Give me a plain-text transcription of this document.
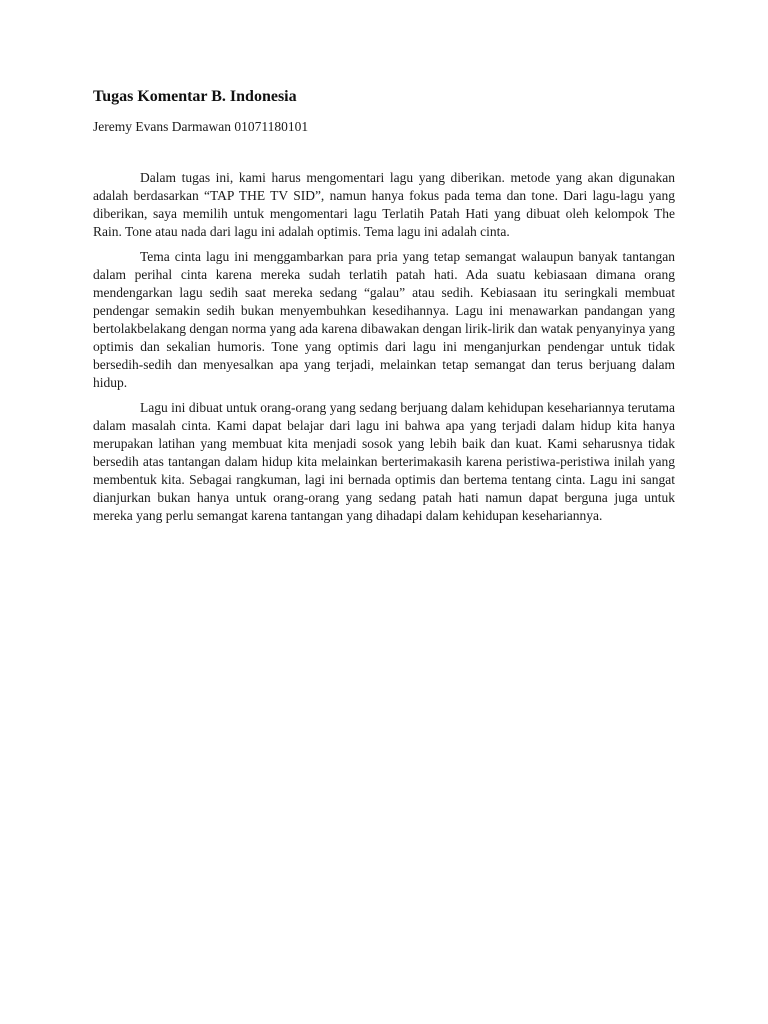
Tugas Komentar B. Indonesia

Jeremy Evans Darmawan 01071180101

Dalam tugas ini, kami harus mengomentari lagu yang diberikan. metode yang akan digunakan adalah berdasarkan “TAP THE TV SID”, namun hanya fokus pada tema dan tone. Dari lagu-lagu yang diberikan, saya memilih untuk mengomentari lagu Terlatih Patah Hati yang dibuat oleh kelompok The Rain. Tone atau nada dari lagu ini adalah optimis. Tema lagu ini adalah cinta.

Tema cinta lagu ini menggambarkan para pria yang tetap semangat walaupun banyak tantangan dalam perihal cinta karena mereka sudah terlatih patah hati. Ada suatu kebiasaan dimana orang mendengarkan lagu sedih saat mereka sedang “galau” atau sedih. Kebiasaan itu seringkali membuat pendengar semakin sedih bukan menyembuhkan kesedihannya. Lagu ini menawarkan pandangan yang bertolakbelakang dengan norma yang ada karena dibawakan dengan lirik-lirik dan watak penyanyinya yang optimis dan sekalian humoris. Tone yang optimis dari lagu ini menganjurkan pendengar untuk tidak bersedih-sedih dan menyesalkan apa yang terjadi, melainkan tetap semangat dan terus berjuang dalam hidup.

Lagu ini dibuat untuk orang-orang yang sedang berjuang dalam kehidupan kesehariannya terutama dalam masalah cinta. Kami dapat belajar dari lagu ini bahwa apa yang terjadi dalam hidup kita hanya merupakan latihan yang membuat kita menjadi sosok yang lebih baik dan kuat. Kami seharusnya tidak bersedih atas tantangan dalam hidup kita melainkan berterimakasih karena peristiwa-peristiwa inilah yang membentuk kita. Sebagai rangkuman, lagi ini bernada optimis dan bertema tentang cinta. Lagu ini sangat dianjurkan bukan hanya untuk orang-orang yang sedang patah hati namun dapat berguna juga untuk mereka yang perlu semangat karena tantangan yang dihadapi dalam kehidupan kesehariannya.
